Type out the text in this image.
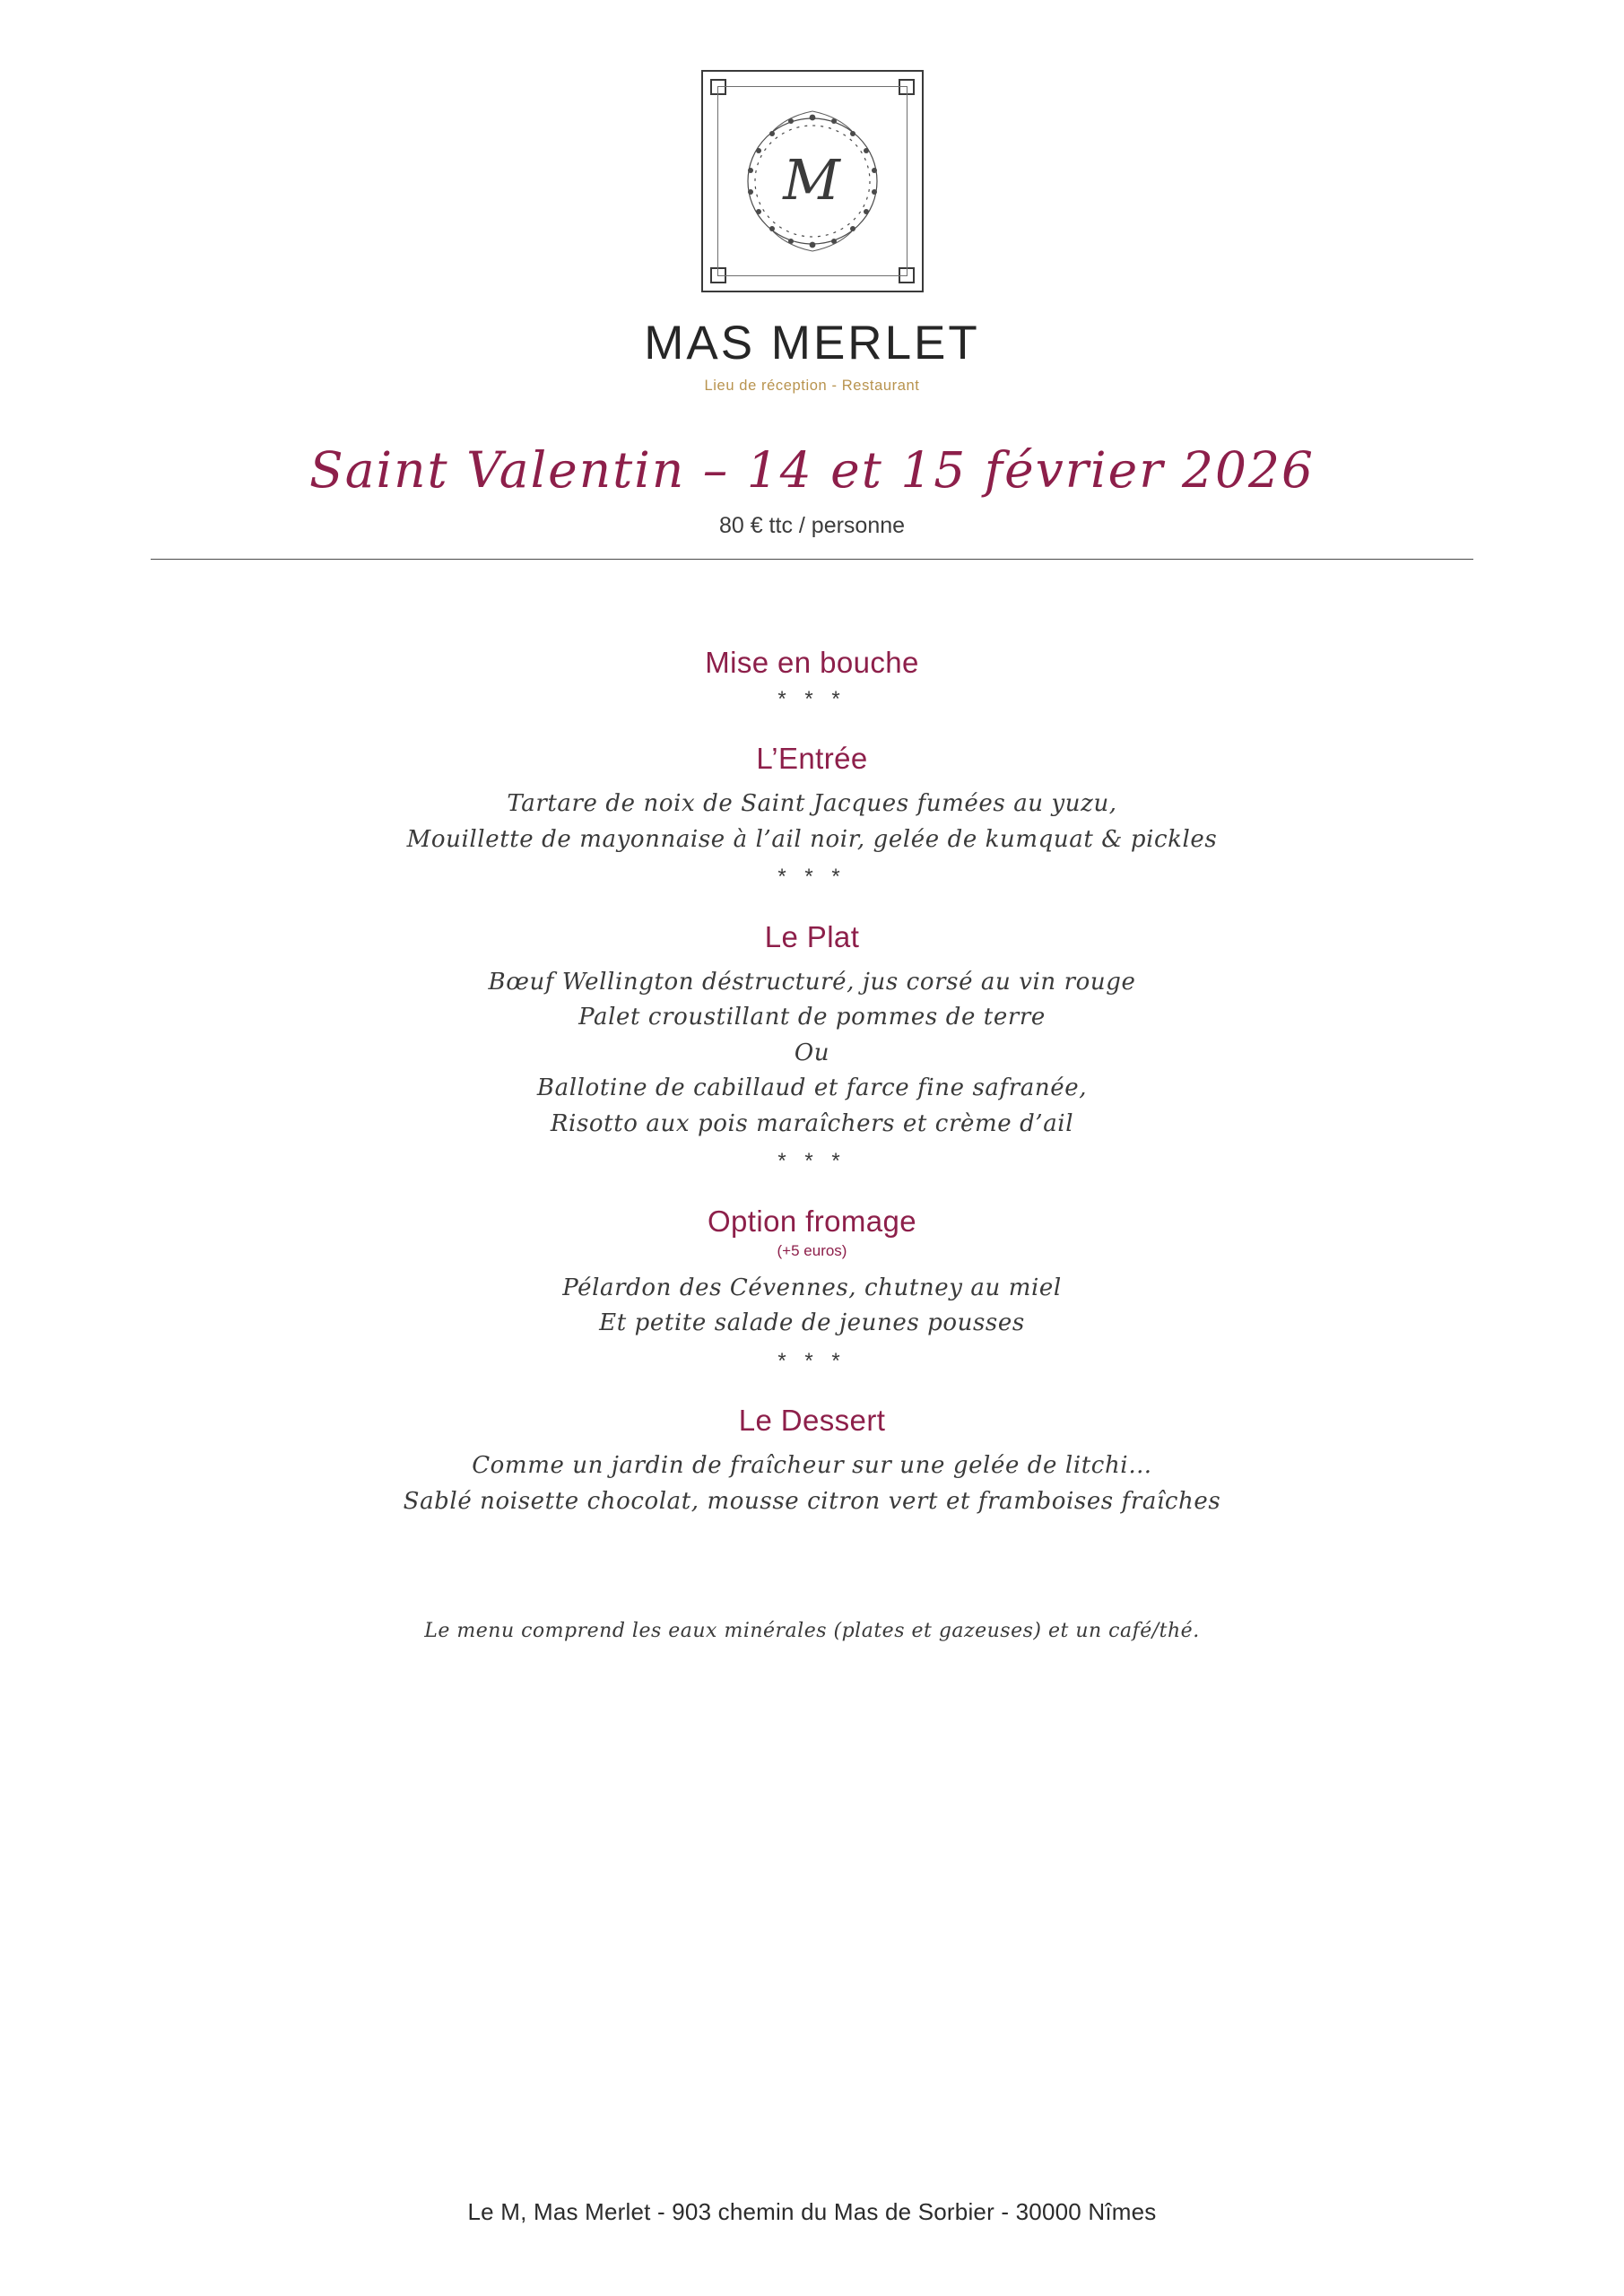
M
MAS MERLET
Lieu de réception - Restaurant
Saint Valentin – 14 et 15 février 2026
80 € ttc / personne
Mise en bouche
* * *
L’Entrée
Tartare de noix de Saint Jacques fumées au yuzu,
Mouillette de mayonnaise à l’ail noir, gelée de kumquat & pickles
* * *
Le Plat
Bœuf Wellington déstructuré, jus corsé au vin rouge
Palet croustillant de pommes de terre
Ou
Ballotine de cabillaud et farce fine safranée,
Risotto aux pois maraîchers et crème d’ail
* * *
Option fromage
(+5 euros)
Pélardon des Cévennes, chutney au miel
Et petite salade de jeunes pousses
* * *
Le Dessert
Comme un jardin de fraîcheur sur une gelée de litchi…
Sablé noisette chocolat, mousse citron vert et framboises fraîches
Le menu comprend les eaux minérales (plates et gazeuses) et un café/thé.
Le M, Mas Merlet - 903 chemin du Mas de Sorbier - 30000 Nîmes
